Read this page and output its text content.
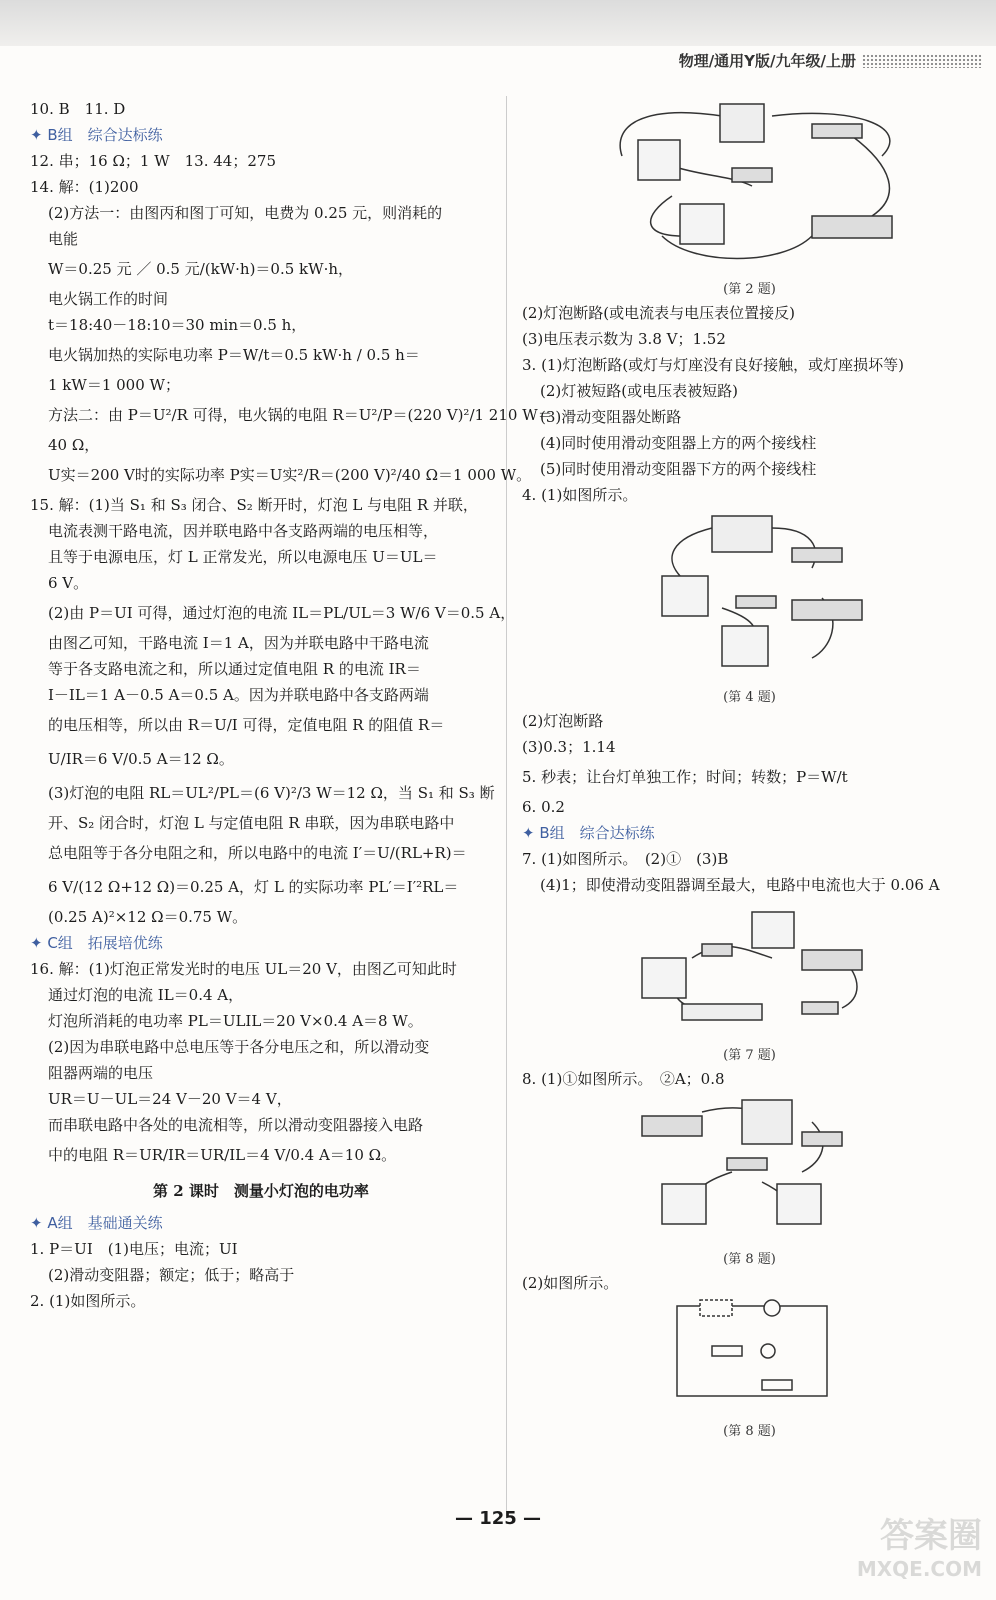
物理/通用Y版/九年级/上册
10. B　11. D
✦ B组　综合达标练
12. 串；16 Ω；1 W　13. 44；275
14. 解：(1)200
(2)方法一：由图丙和图丁可知，电费为 0.25 元，则消耗的
电能
W＝0.25 元 ／ 0.5 元/(kW·h)＝0.5 kW·h，
电火锅工作的时间
t＝18:40－18:10＝30 min＝0.5 h，
电火锅加热的实际电功率 P＝W/t＝0.5 kW·h / 0.5 h＝
1 kW＝1 000 W；
方法二：由 P＝U²/R 可得，电火锅的电阻 R＝U²/P＝(220 V)²/1 210 W＝
40 Ω，
U实＝200 V时的实际功率 P实＝U实²/R＝(200 V)²/40 Ω＝1 000 W。
15. 解：(1)当 S₁ 和 S₃ 闭合、S₂ 断开时，灯泡 L 与电阻 R 并联，
电流表测干路电流，因并联电路中各支路两端的电压相等，
且等于电源电压，灯 L 正常发光，所以电源电压 U＝UL＝
6 V。
(2)由 P＝UI 可得，通过灯泡的电流 IL＝PL/UL＝3 W/6 V＝0.5 A，
由图乙可知，干路电流 I＝1 A，因为并联电路中干路电流
等于各支路电流之和，所以通过定值电阻 R 的电流 IR＝
I－IL＝1 A－0.5 A＝0.5 A。因为并联电路中各支路两端
的电压相等，所以由 R＝U/I 可得，定值电阻 R 的阻值 R＝
U/IR＝6 V/0.5 A＝12 Ω。
(3)灯泡的电阻 RL＝UL²/PL＝(6 V)²/3 W＝12 Ω，当 S₁ 和 S₃ 断
开、S₂ 闭合时，灯泡 L 与定值电阻 R 串联，因为串联电路中
总电阻等于各分电阻之和，所以电路中的电流 I′＝U/(RL+R)＝
6 V/(12 Ω+12 Ω)＝0.25 A，灯 L 的实际功率 PL′＝I′²RL＝
(0.25 A)²×12 Ω＝0.75 W。
✦ C组　拓展培优练
16. 解：(1)灯泡正常发光时的电压 UL＝20 V，由图乙可知此时
通过灯泡的电流 IL＝0.4 A，
灯泡所消耗的电功率 PL＝ULIL＝20 V×0.4 A＝8 W。
(2)因为串联电路中总电压等于各分电压之和，所以滑动变
阻器两端的电压
UR＝U－UL＝24 V－20 V＝4 V，
而串联电路中各处的电流相等，所以滑动变阻器接入电路
中的电阻 R＝UR/IR＝UR/IL＝4 V/0.4 A＝10 Ω。
第 2 课时　测量小灯泡的电功率
✦ A组　基础通关练
1. P＝UI　(1)电压；电流；UI
(2)滑动变阻器；额定；低于；略高于
2. (1)如图所示。
(第 2 题)
(2)灯泡断路(或电流表与电压表位置接反)
(3)电压表示数为 3.8 V；1.52
3. (1)灯泡断路(或灯与灯座没有良好接触，或灯座损坏等)
(2)灯被短路(或电压表被短路)
(3)滑动变阻器处断路
(4)同时使用滑动变阻器上方的两个接线柱
(5)同时使用滑动变阻器下方的两个接线柱
4. (1)如图所示。
(第 4 题)
(2)灯泡断路
(3)0.3；1.14
5. 秒表；让台灯单独工作；时间；转数；P＝W/t
6. 0.2
✦ B组　综合达标练
7. (1)如图所示。　(2)①　(3)B
(4)1；即使滑动变阻器调至最大，电路中电流也大于 0.06 A
(第 7 题)
8. (1)①如图所示。　②A；0.8
(第 8 题)
(2)如图所示。
(第 8 题)
— 125 —	答案圈
MXQE.COM
